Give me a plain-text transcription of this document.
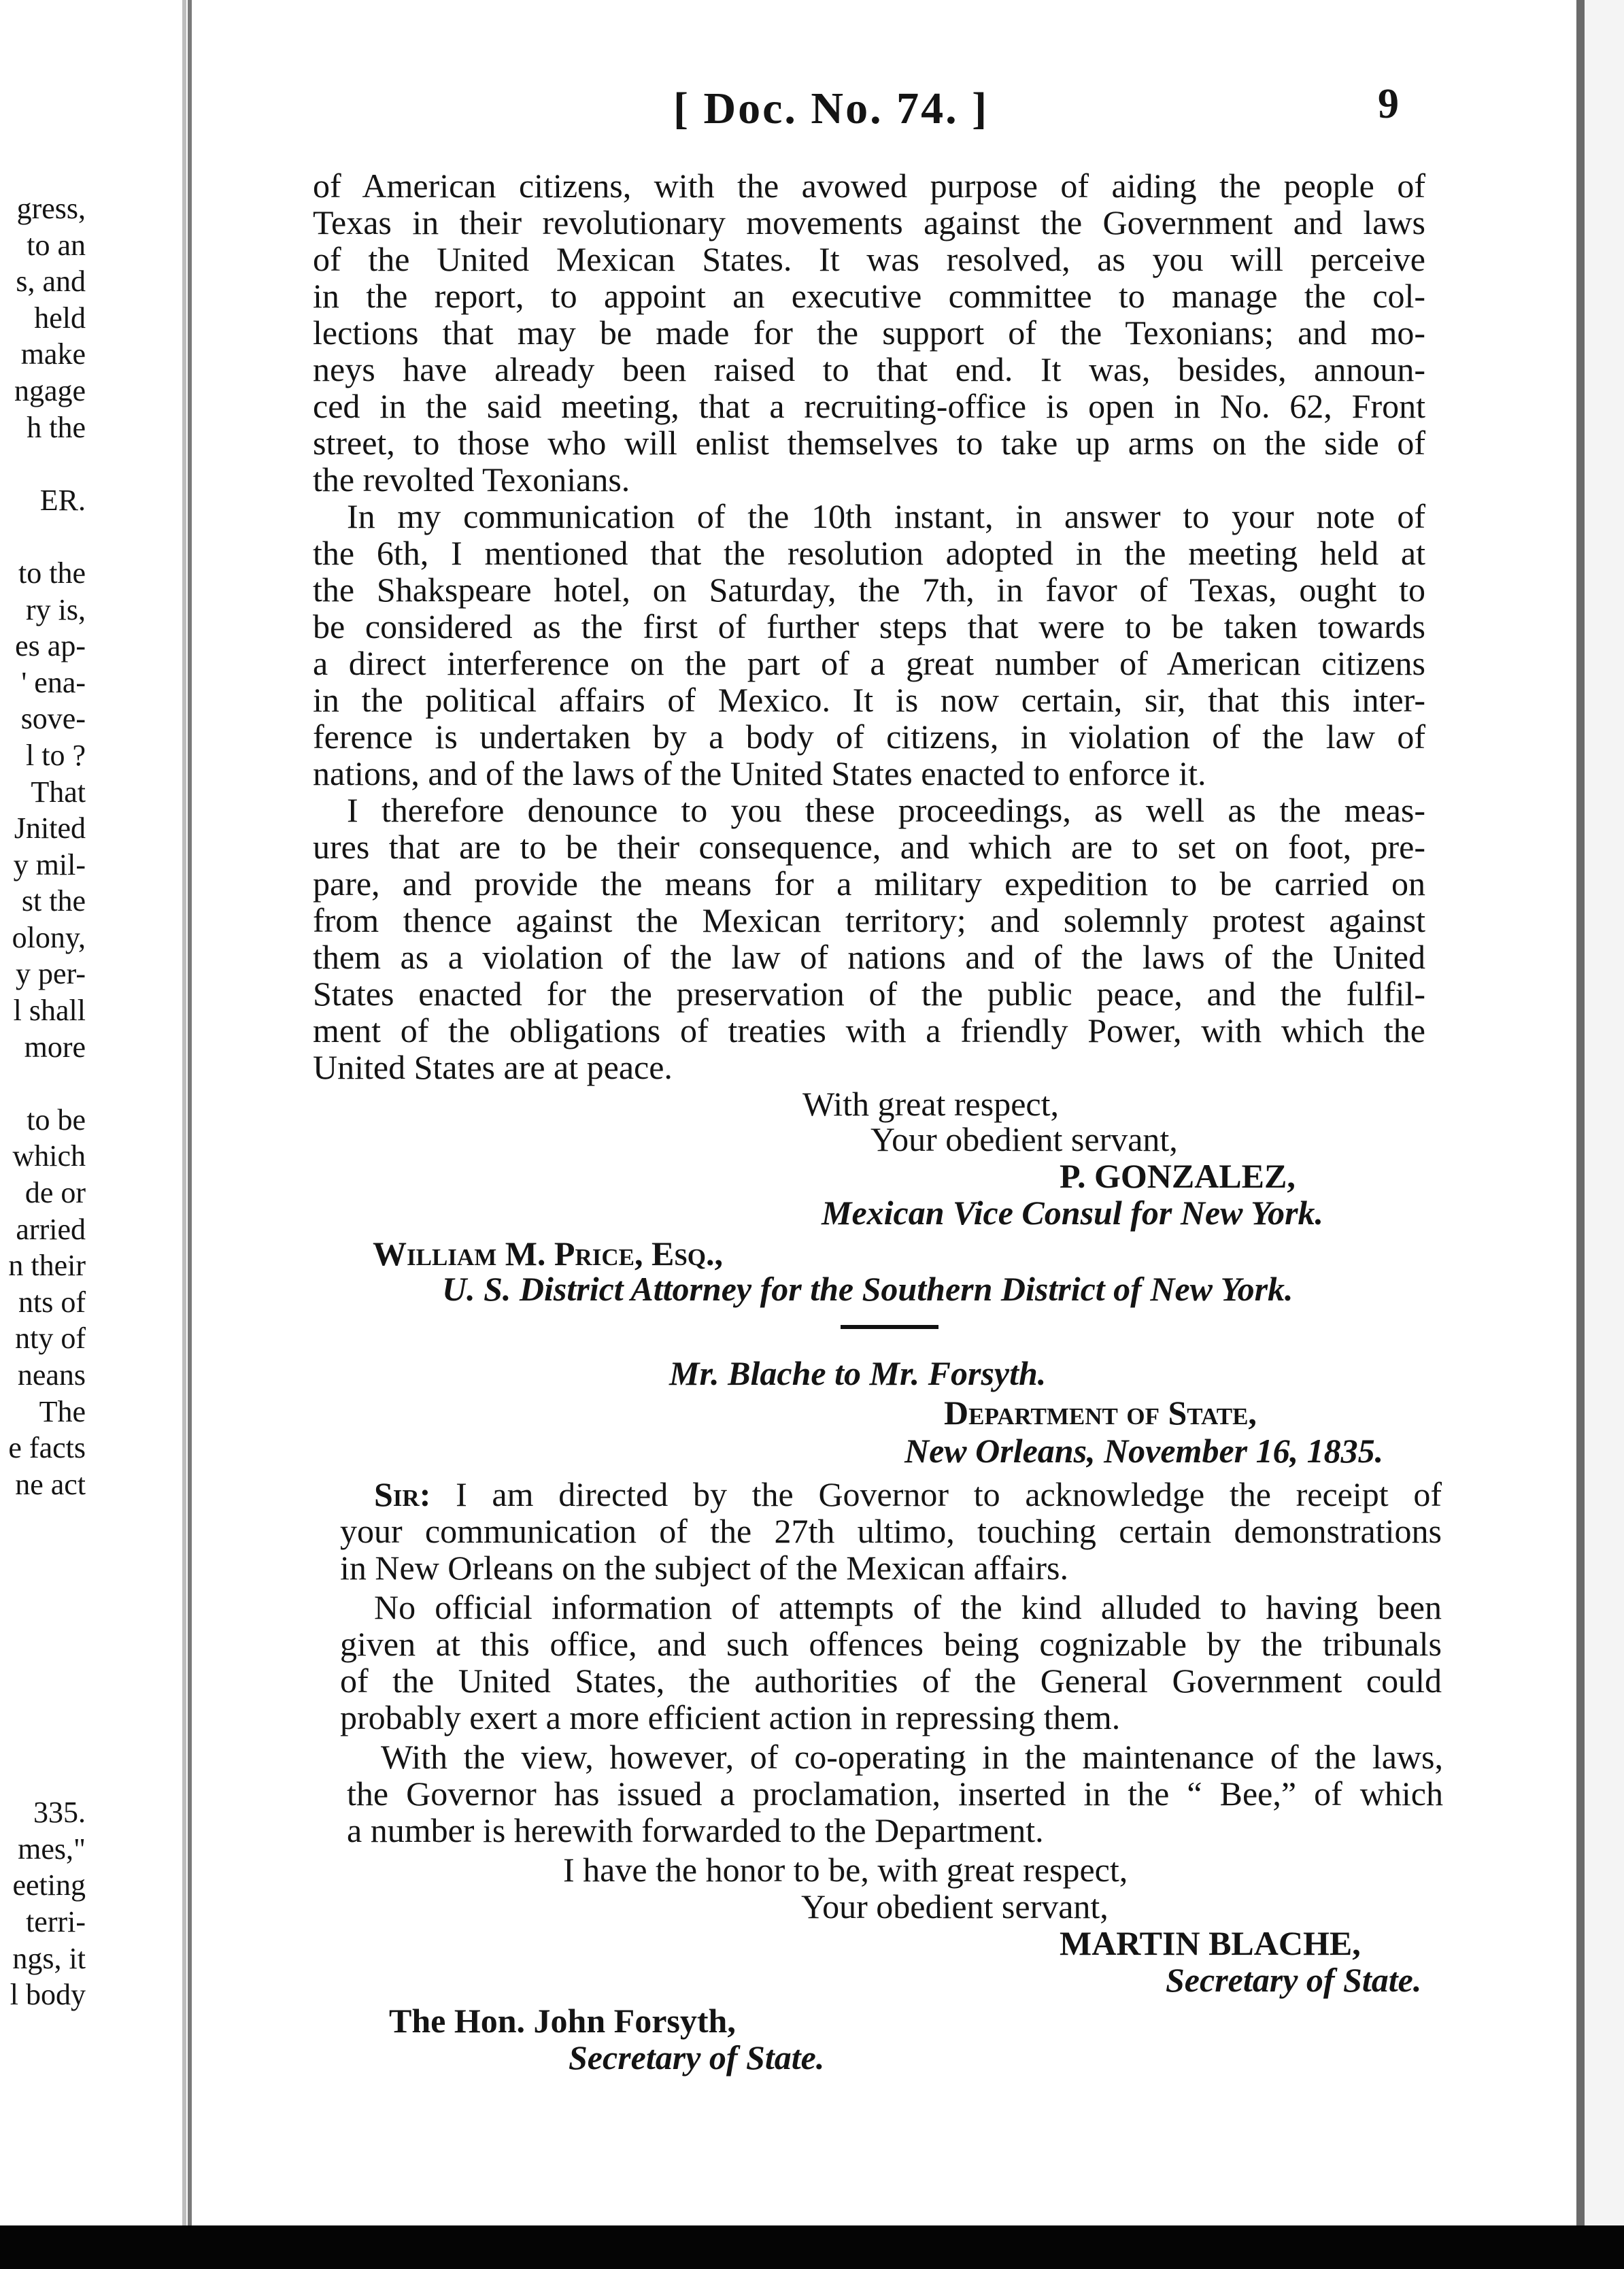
gress,
to an
s, and
held
make
ngage
h the
ER.
to the
ry is,
es ap-
' ena-
sove-
l to ?
That
Jnited
y mil-
st the
olony,
y per-
l shall
more
to be
which
de or
arried
n their
nts of
nty of
neans
The
e facts
ne act
335.
mes,"
eeting
terri-
ngs, it
l body
[ Doc. No. 74. ]	9
of American citizens, with the avowed purpose of aiding the people of
Texas in their revolutionary movements against the Government and laws
of the United Mexican States. It was resolved, as you will perceive
in the report, to appoint an executive committee to manage the col-
lections that may be made for the support of the Texonians; and mo-
neys have already been raised to that end. It was, besides, announ-
ced in the said meeting, that a recruiting-office is open in No. 62, Front
street, to those who will enlist themselves to take up arms on the side of
the revolted Texonians.
In my communication of the 10th instant, in answer to your note of
the 6th, I mentioned that the resolution adopted in the meeting held at
the Shakspeare hotel, on Saturday, the 7th, in favor of Texas, ought to
be considered as the first of further steps that were to be taken towards
a direct interference on the part of a great number of American citizens
in the political affairs of Mexico. It is now certain, sir, that this inter-
ference is undertaken by a body of citizens, in violation of the law of
nations, and of the laws of the United States enacted to enforce it.
I therefore denounce to you these proceedings, as well as the meas-
ures that are to be their consequence, and which are to set on foot, pre-
pare, and provide the means for a military expedition to be carried on
from thence against the Mexican territory; and solemnly protest against
them as a violation of the law of nations and of the laws of the United
States enacted for the preservation of the public peace, and the fulfil-
ment of the obligations of treaties with a friendly Power, with which the
United States are at peace.
With great respect,
Your obedient servant,
P. GONZALEZ,
Mexican Vice Consul for New York.
William M. Price, Esq.,
U. S. District Attorney for the Southern District of New York.
Mr. Blache to Mr. Forsyth.
Department of State,
New Orleans, November 16, 1835.
Sir: I am directed by the Governor to acknowledge the receipt of
your communication of the 27th ultimo, touching certain demonstrations
in New Orleans on the subject of the Mexican affairs.
No official information of attempts of the kind alluded to having been
given at this office, and such offences being cognizable by the tribunals
of the United States, the authorities of the General Government could
probably exert a more efficient action in repressing them.
With the view, however, of co-operating in the maintenance of the laws,
the Governor has issued a proclamation, inserted in the “ Bee,” of which
a number is herewith forwarded to the Department.
I have the honor to be, with great respect,
Your obedient servant,
MARTIN BLACHE,
Secretary of State.
The Hon. John Forsyth,
Secretary of State.
